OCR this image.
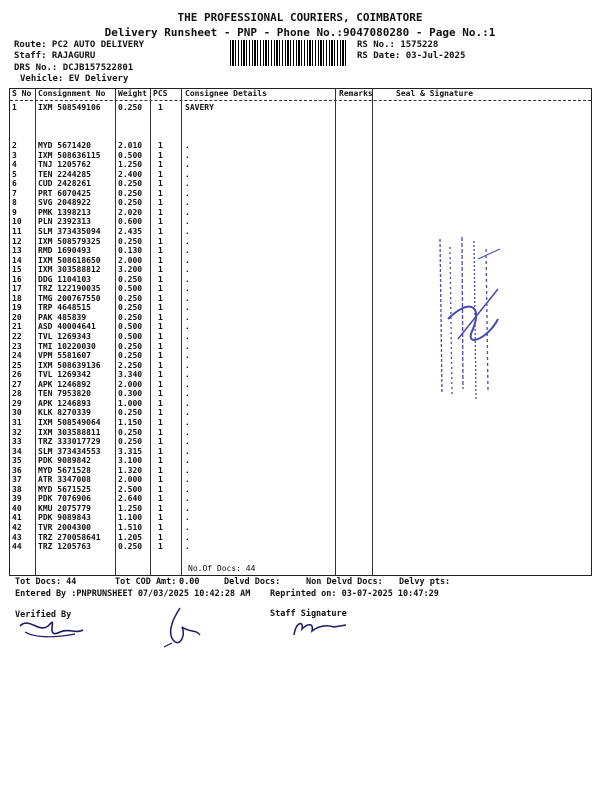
THE PROFESSIONAL COURIERS, COIMBATORE
Delivery Runsheet - PNP - Phone No.:9047080280 - Page No.:1
Route: PC2 AUTO DELIVERY
Staff: RAJAGURU
DRS No.: DCJB157522801
Vehicle: EV Delivery
RS No.: 1575228
RS Date: 03-Jul-2025
S No Consignment No Weight PCS Consignee Details	Remarks	Seal & Signature
1	IXM 508549106 0.250 1	SAVERY
2	MYD 5671420	2.010 1	.
3	IXM 508636115 0.500 1	.
4	TNJ 1205762	1.250 1	.
5	TEN 2244285	2.400 1	.
6	CUD 2428261	0.250 1	.
7	PRT 6070425	0.250 1	.
8	SVG 2048922	0.250 1	.
9	PMK 1398213	2.020 1	.
10 PLN 2392313	0.600 1	.
11 SLM 373435094 2.435 1	.
12 IXM 508579325 0.250 1	.
13 RMD 1690493	0.130 1	.
14 IXM 508618650 2.000 1	.
15 IXM 303588812 3.200 1	.
16 DDG 1104103	0.250 1	.
17 TRZ 122190035 0.500 1	.
18 TMG 200767550 0.250 1	.
19 TRP 4648515	0.250 1	.
20 PAK 485839	0.250 1	.
21 ASD 40004641	0.500 1	.
22 TVL 1269343	0.500 1	.
23 TMI 10220030	0.250 1	.
24 VPM 5581607	0.250 1	.
25 IXM 508639136 2.250 1	.
26 TVL 1269342	3.340 1	.
27 APK 1246892	2.000 1	.
28 TEN 7953820	0.300 1	.
29 APK 1246893	1.000 1	.
30 KLK 8270339	0.250 1	.
31 IXM 508549064 1.150 1	.
32 IXM 303588811 0.250 1	.
33 TRZ 333017729 0.250 1	.
34 SLM 373434553 3.315 1	.
35 PDK 9089842	3.100 1	.
36 MYD 5671528	1.320 1	.
37 ATR 3347008	2.000 1	.
38 MYD 5671525	2.500 1	.
39 PDK 7076906	2.640 1	.
40 KMU 2075779	1.250 1	.
41 PDK 9089843	1.100 1	.
42 TVR 2004300	1.510 1	.
43 TRZ 270058641 1.205 1	.
44 TRZ 1205763	0.250 1	.
No.Of Docs: 44
Tot Docs: 44	Tot COD Amt: 0.00	Delvd Docs:	Non Delvd Docs: Delvy pts:
Entered By :PNPRUNSHEET 07/03/2025 10:42:28 AM Reprinted on: 03-07-2025 10:47:29
Verified By	Staff Signature
